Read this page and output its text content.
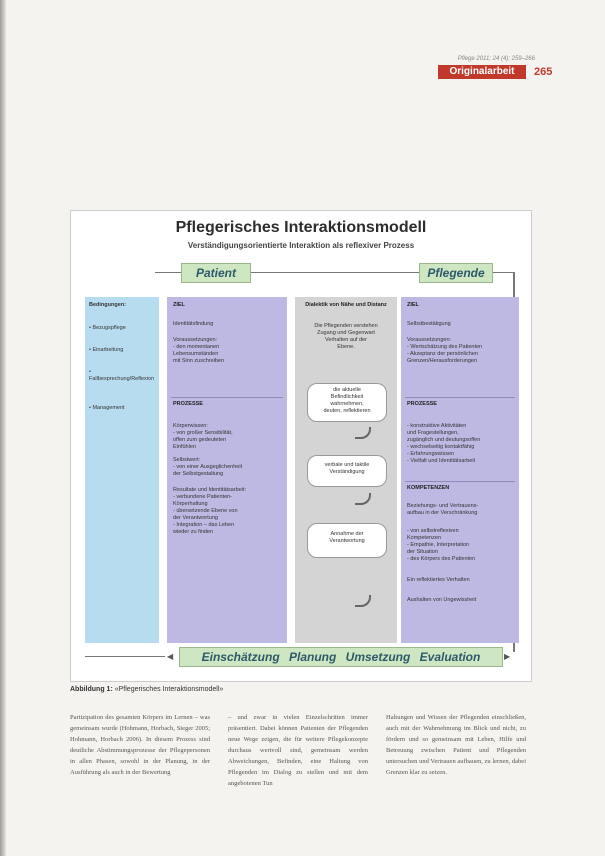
Pflege 2011; 24 (4): 259–266
Originalarbeit	265
Pflegerisches Interaktionsmodell
Verständigungsorientierte Interaktion als reflexiver Prozess
Patient	Pflegende
Bedingungen:
• Bezugspflege
• Einarbeitung
• Fallbesprechung/Reflexion
• Management
ZIEL
Identitätsfindung
Voraussetzungen:
- den momentanen
Lebensumständen
mit Sinn zuschreiben
PROZESSE
Körperwissen:
- von großer Sensibilität,
offen zum gedeuteten
Einfühlen
Selbstwert:
- von einer Ausgeglichenheit
der Selbstgestaltung
Resultate und Identitätsarbeit:
- verbundene Patienten-
Körperhaltung
- übersetzende Ebene von
der Verantwortung
- Integration – das Leben
wieder zu finden
Dialektik von Nähe und Distanz
Die Pflegenden verstehen
Zugang und Gegenwart
Verhalten auf der
Ebene.
die aktuelle
Befindlichkeit
wahrnehmen,
deuten, reflektieren
verbale und taktile
Verständigung
Annahme der
Verantwortung
ZIEL
Selbstbestätigung
Voraussetzungen:
- Wertschätzung des Patienten
- Akzeptanz der persönlichen
Grenzen/Herausforderungen
PROZESSE
- konstruktive Aktivitäten
und Fragestellungen,
zugänglich und deutungsoffen
- wechselseitig kontaktfähig
- Erfahrungswissen
- Vielfalt und Identitätsarbeit
KOMPETENZEN
Beziehungs- und Vertrauens-
aufbau in der Verschränkung
- von selbstreflexiven
Kompetenzen
- Empathie, Interpretation
der Situation
- des Körpers des Patienten
Ein reflektiertes Verhalten
Aushalten von Ungewissheit
◀	Einschätzung Planung Umsetzung Evaluation	▶
Abbildung 1: «Pflegerisches Interaktionsmodell»
Partizipation des gesamten Körpers im Lernen – was gemeinsam wurde (Hohmann, Horbach, Steger 2005; Hohmann, Horbach 2006). In diesem Prozess sind deutliche Abstimmungsprozesse der Pflegepersonen in allen Phasen, sowohl in der Planung, in der Ausführung als auch in der Bewertung
– und zwar in vielen Einzelschritten immer präsentiert. Dabei können Patienten der Pflegenden neue Wege zeigen, die für weitere Pflegekonzepte durchaus wertvoll sind, gemeinsam werden Abweichungen, Befinden, eine Haltung von Pflegenden im Dialog zu stellen und mit dem angebotenen Tun
Haltungen und Wissen der Pflegenden einschließen, auch mit der Wahrnehmung im Blick und nicht, zu fördern und so gemeinsam mit Leben, Hilfe und Betreuung zwischen Patient und Pflegenden untersuchen und Vertrauen aufbauen, zu lernen, dabei Grenzen klar zu setzen.
